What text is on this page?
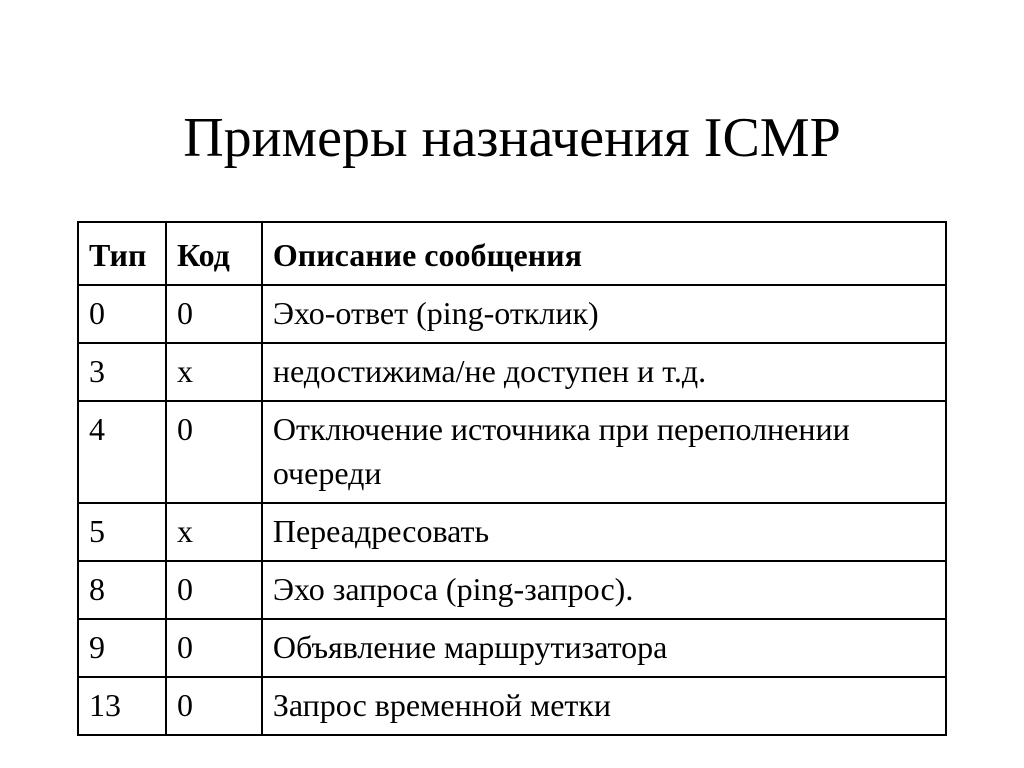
Примеры назначения ICMP
Тип	Код	Описание сообщения
0	0	Эхо-ответ (ping-отклик)
3	x	недостижима/не доступен и т.д.
4	0	Отключение источника при переполнении очереди
5	x	Переадресовать
8	0	Эхо запроса (ping-запрос).
9	0	Объявление маршрутизатора
13	0	Запрос временной метки
